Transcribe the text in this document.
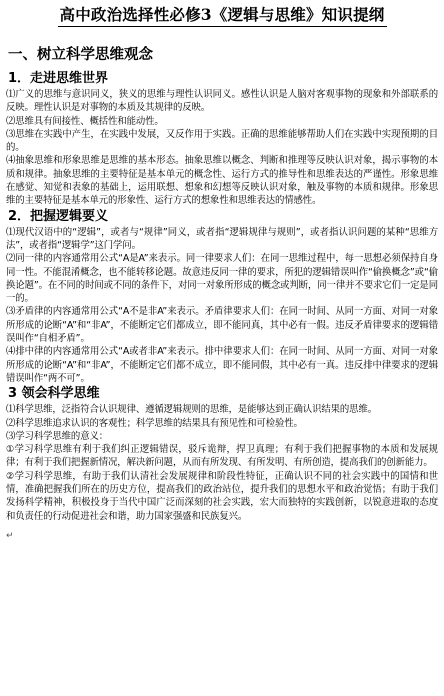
高中政治选择性必修3《逻辑与思维》知识提纲
一、树立科学思维观念
1．走进思维世界

⑴广义的思维与意识同义，狭义的思维与理性认识同义。感性认识是人脑对客观事物的现象和外部联系的反映。理性认识是对事物的本质及其规律的反映。

⑵思维具有间接性、概括性和能动性。

⑶思维在实践中产生，在实践中发展，又反作用于实践。正确的思维能够帮助人们在实践中实现预期的目的。

⑷抽象思维和形象思维是思维的基本形态。抽象思维以概念、判断和推理等反映认识对象，揭示事物的本质和规律。抽象思维的主要特征是基本单元的概念性、运行方式的推导性和思维表达的严谨性。形象思维在感觉、知觉和表象的基础上，运用联想、想象和幻想等反映认识对象，触及事物的本质和规律。形象思维的主要特征是基本单元的形象性、运行方式的想象性和思维表达的情感性。

2．把握逻辑要义

⑴现代汉语中的“逻辑”，或者与“规律”同义，或者指“逻辑规律与规则”，或者指认识问题的某种“思维方法”，或者指“逻辑学”这门学问。

⑵同一律的内容通常用公式“A是A”来表示。同一律要求人们：在同一思维过程中，每一思想必须保持自身同一性。不能混淆概念，也不能转移论题。故意违反同一律的要求，所犯的逻辑错误叫作“偷换概念”或“偷换论题”。在不同的时间或不同的条件下，对同一对象所形成的概念或判断，同一律并不要求它们一定是同一的。

⑶矛盾律的内容通常用公式“A不是非A”来表示。矛盾律要求人们：在同一时间、从同一方面、对同一对象所形成的论断“A”和“非A”，不能断定它们都成立，即不能同真，其中必有一假。违反矛盾律要求的逻辑错误叫作“自相矛盾”。

⑷排中律的内容通常用公式“A或者非A”来表示。排中律要求人们：在同一时间、从同一方面、对同一对象所形成的论断“A”和“非A”，不能断定它们都不成立，即不能同假，其中必有一真。违反排中律要求的逻辑错误叫作“两不可”。

3 领会科学思维

⑴科学思维，泛指符合认识规律、遵循逻辑规则的思维，是能够达到正确认识结果的思维。

⑵科学思维追求认识的客观性；科学思维的结果具有预见性和可检验性。

⑶学习科学思维的意义：

①学习科学思维有利于我们纠正逻辑错误，驳斥诡辩，捍卫真理；有利于我们把握事物的本质和发展规律；有利于我们把握新情况，解决新问题，从而有所发现、有所发明、有所创造，提高我们的创新能力。

②学习科学思维，有助于我们认清社会发展规律和阶段性特征，正确认识不同的社会实践中的国情和世情，准确把握我们所在的历史方位，提高我们的政治站位，提升我们的思想水平和政治觉悟；有助于我们发扬科学精神，积极投身于当代中国广泛而深刻的社会实践，宏大而独特的实践创新，以锐意进取的态度和负责任的行动促进社会和谐，助力国家强盛和民族复兴。

↵
